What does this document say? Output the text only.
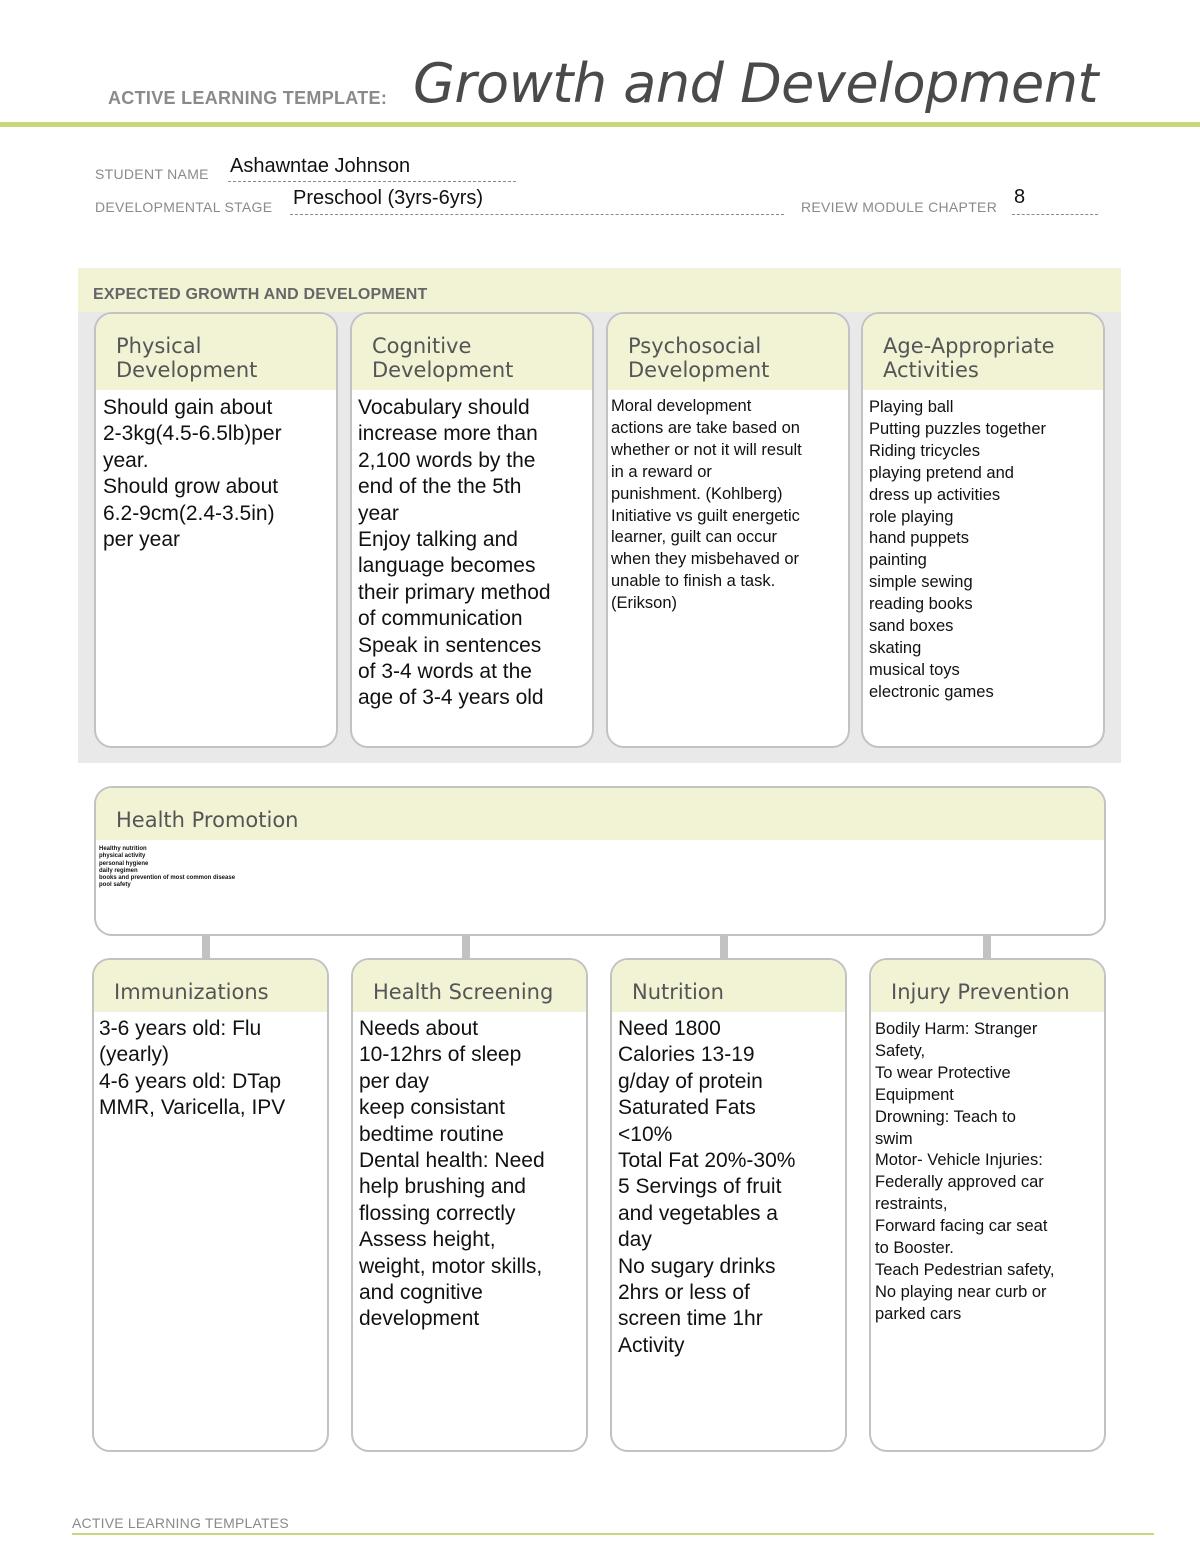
ACTIVE LEARNING TEMPLATE: Growth and Development
STUDENT NAME Ashawntae Johnson
DEVELOPMENTAL STAGE Preschool (3yrs-6yrs)	REVIEW MODULE CHAPTER 8
EXPECTED GROWTH AND DEVELOPMENT
Physical
Development
Should gain about
2-3kg(4.5-6.5lb)per
year.
Should grow about
6.2-9cm(2.4-3.5in)
per year
Cognitive
Development
Vocabulary should
increase more than
2,100 words by the
end of the the 5th
year
Enjoy talking and
language becomes
their primary method
of communication
Speak in sentences
of 3-4 words at the
age of 3-4 years old
Psychosocial
Development
Moral development
actions are take based on
whether or not it will result
in a reward or
punishment. (Kohlberg)
Initiative vs guilt energetic
learner, guilt can occur
when they misbehaved or
unable to finish a task.
(Erikson)
Age-Appropriate
Activities
Playing ball
Putting puzzles together
Riding tricycles
playing pretend and
dress up activities
role playing
hand puppets
painting
simple sewing
reading books
sand boxes
skating
musical toys
electronic games
Health Promotion
Healthy nutrition
physical activity
personal hygiene
daily regimen
books and prevention of most common disease
pool safety
Immunizations
3-6 years old: Flu
(yearly)
4-6 years old: DTap
MMR, Varicella, IPV
Health Screening
Needs about
10-12hrs of sleep
per day
keep consistant
bedtime routine
Dental health: Need
help brushing and
flossing correctly
Assess height,
weight, motor skills,
and cognitive
development
Nutrition
Need 1800
Calories 13-19
g/day of protein
Saturated Fats
<10%
Total Fat 20%-30%
5 Servings of fruit
and vegetables a
day
No sugary drinks
2hrs or less of
screen time 1hr
Activity
Injury Prevention
Bodily Harm: Stranger
Safety,
To wear Protective
Equipment
Drowning: Teach to
swim
Motor- Vehicle Injuries:
Federally approved car
restraints,
Forward facing car seat
to Booster.
Teach Pedestrian safety,
No playing near curb or
parked cars
ACTIVE LEARNING TEMPLATES
